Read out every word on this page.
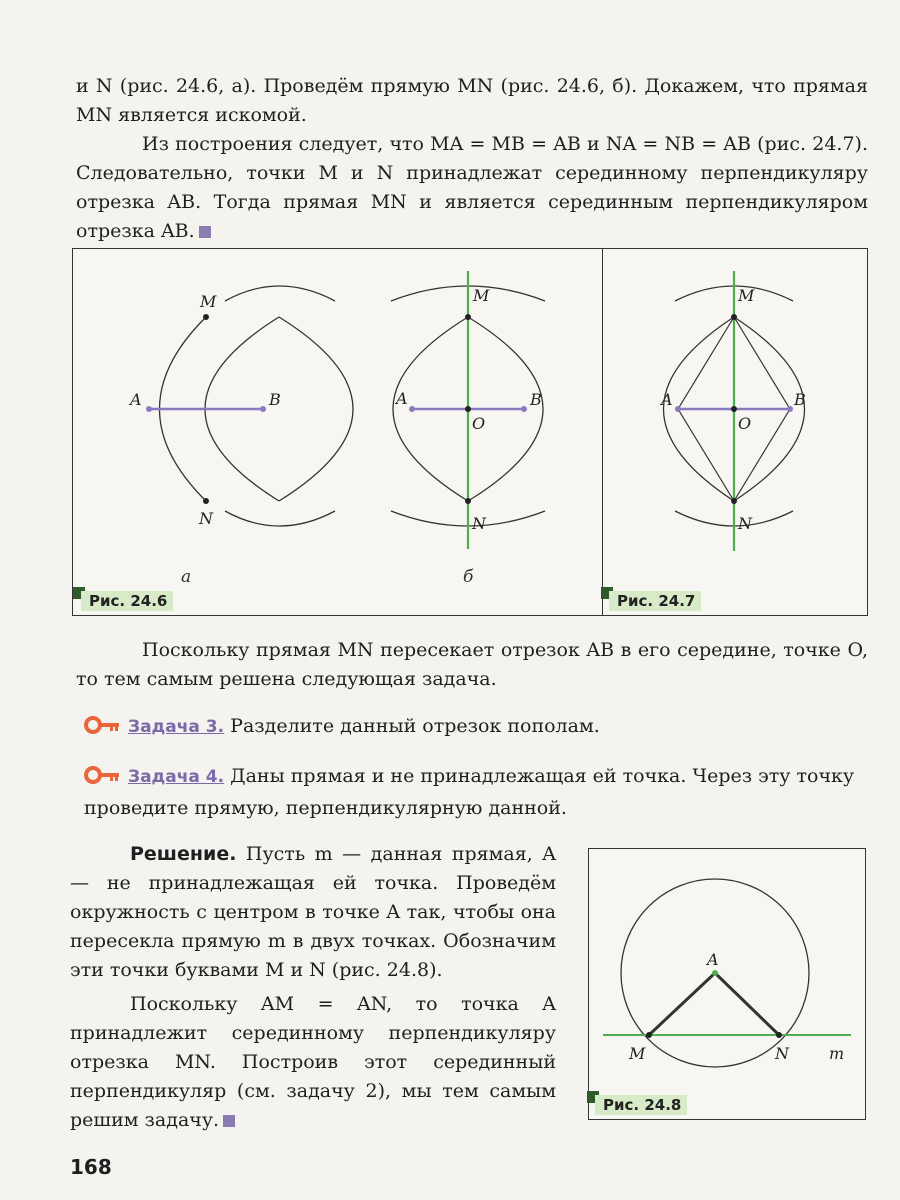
и N (рис. 24.6, а). Проведём прямую MN (рис. 24.6, б). Докажем, что прямая MN является искомой.

Из построения следует, что MA = MB = AB и NA = NB = AB (рис. 24.7). Следовательно, точки M и N принадлежат серединному перпендикуляру отрезка AB. Тогда прямая MN и является серединным перпендикуляром отрезка AB.

M
A	B
N
M
A	B
O
N
а	б
Рис. 24.6
M
A	B
O
N
Рис. 24.7

Поскольку прямая MN пересекает отрезок AB в его середине, точке O, то тем самым решена следующая задача.

Задача 3. Разделите данный отрезок пополам.

Задача 4. Даны прямая и не принадлежащая ей точка. Через эту точку проведите прямую, перпендикулярную данной.

Решение. Пусть m — данная прямая, A — не принадлежащая ей точка. Проведём окружность с центром в точке A так, чтобы она пересекла прямую m в двух точках. Обозначим эти точки буквами M и N (рис. 24.8).

Поскольку AM = AN, то точка A принадлежит серединному перпендикуляру отрезка MN. Построив этот серединный перпендикуляр (см. задачу 2), мы тем самым решим задачу.

A
M	N	m
Рис. 24.8
168
